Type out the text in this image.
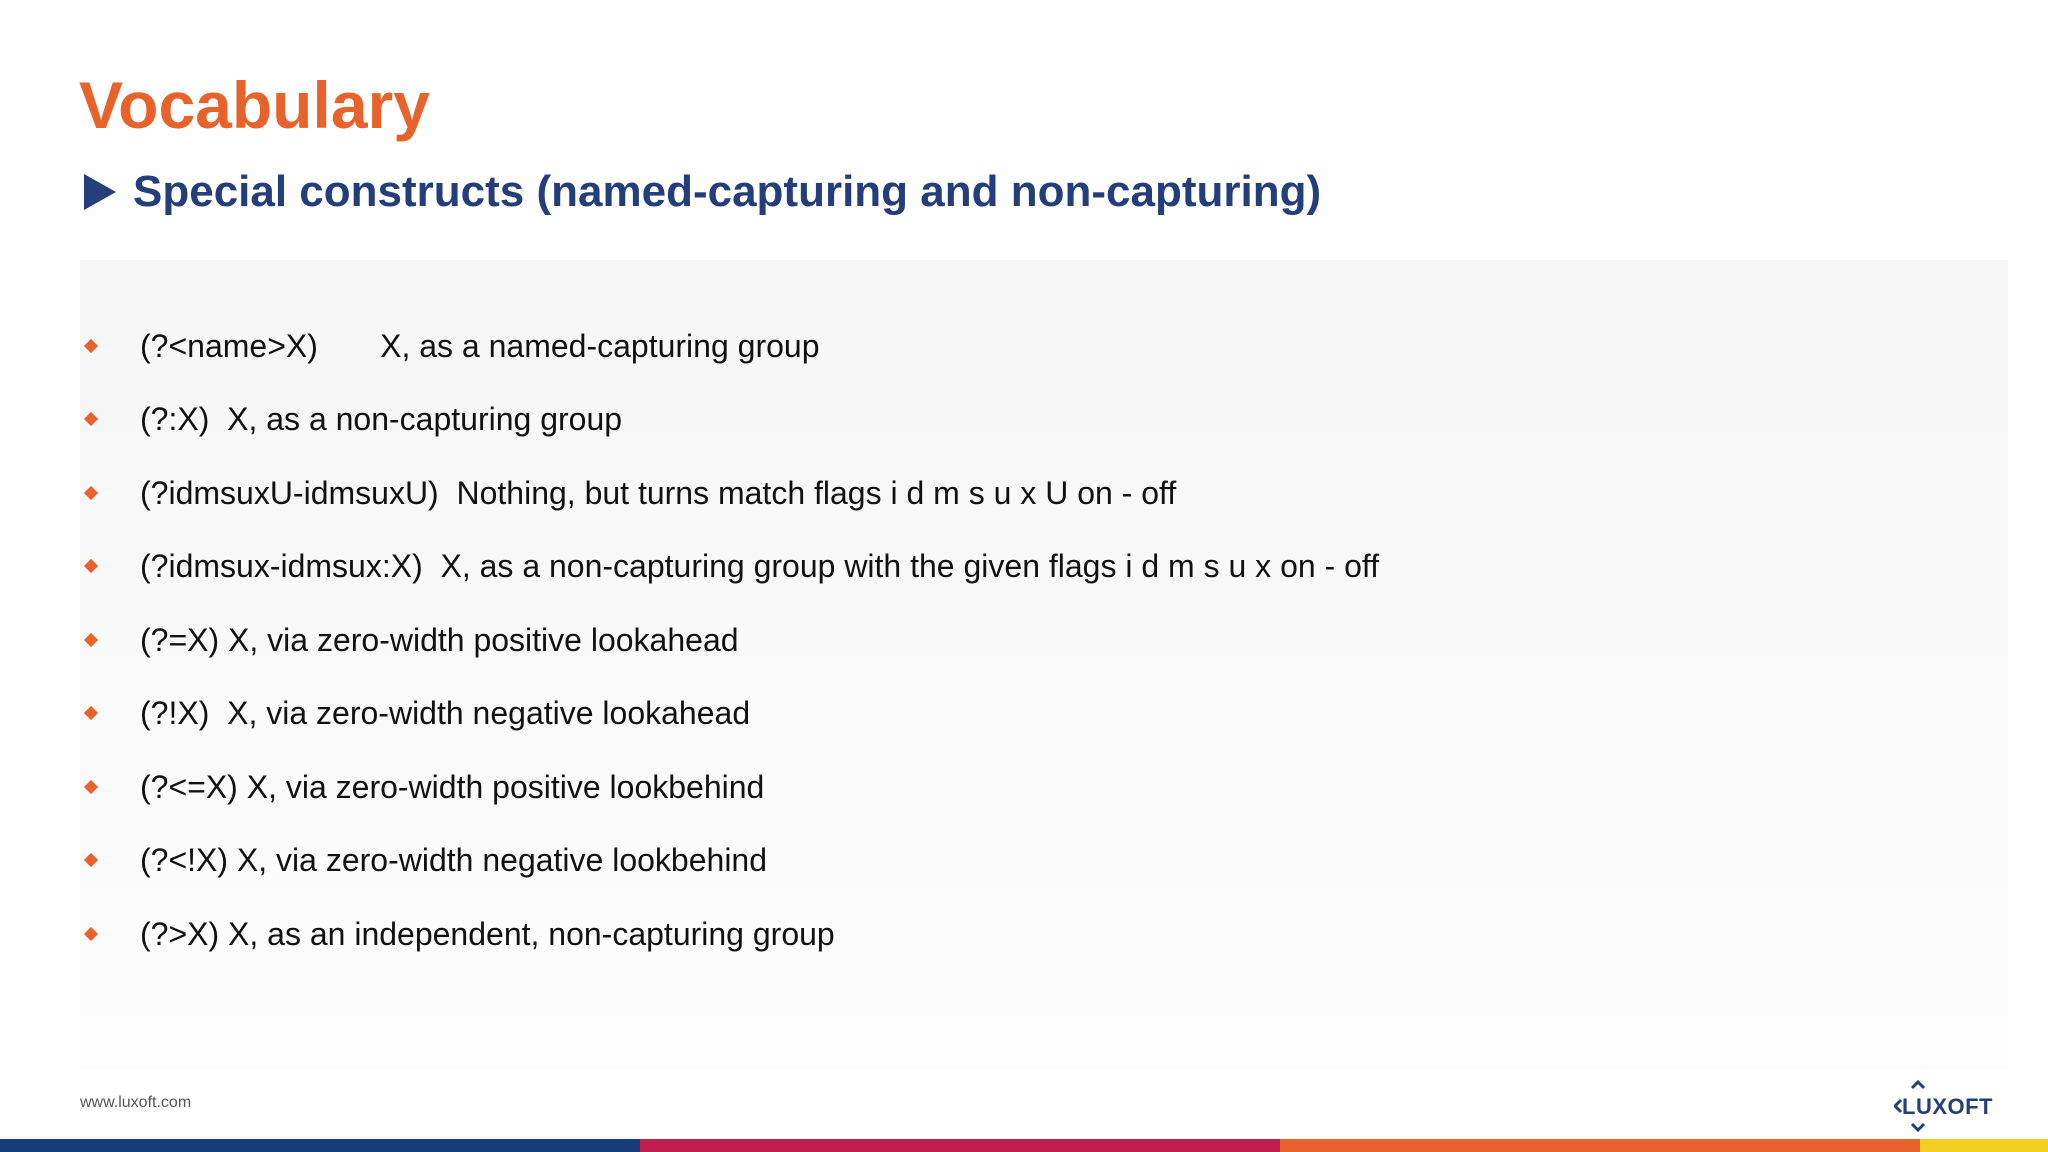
Vocabulary
Special constructs (named-capturing and non-capturing)
(?<name>X)       X, as a named-capturing group
(?:X)  X, as a non-capturing group
(?idmsuxU-idmsuxU)  Nothing, but turns match flags i d m s u x U on - off
(?idmsux-idmsux:X)  X, as a non-capturing group with the given flags i d m s u x on - off
(?=X) X, via zero-width positive lookahead
(?!X)  X, via zero-width negative lookahead
(?<=X) X, via zero-width positive lookbehind
(?<!X) X, via zero-width negative lookbehind
(?>X) X, as an independent, non-capturing group
www.luxoft.com	LUXOFT
